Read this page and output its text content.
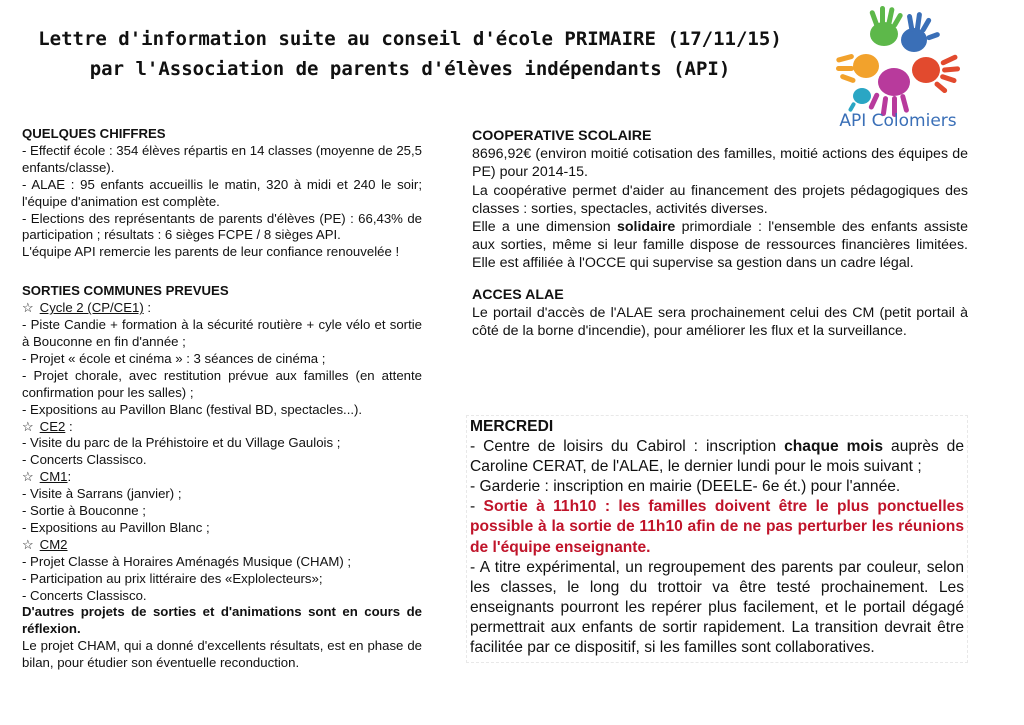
Lettre d'information suite au conseil d'école PRIMAIRE (17/11/15)
par l'Association de parents d'élèves indépendants (API)
API Colomiers

QUELQUES CHIFFRES

- Effectif école : 354 élèves répartis en 14 classes (moyenne de 25,5 enfants/classe).

- ALAE : 95 enfants accueillis le matin, 320 à midi et 240 le soir; l'équipe d'animation est complète.

- Elections des représentants de parents d'élèves (PE) : 66,43% de participation ; résultats : 6 sièges FCPE / 8 sièges API.

L'équipe API remercie les parents de leur confiance renouvelée !

SORTIES COMMUNES PREVUES

☆ Cycle 2 (CP/CE1) :

- Piste Candie + formation à la sécurité routière + cyle vélo et sortie à Bouconne en fin d'année ;

- Projet « école et cinéma » : 3 séances de cinéma ;

- Projet chorale, avec restitution prévue aux familles (en attente confirmation pour les salles) ;

- Expositions au Pavillon Blanc (festival BD, spectacles...).

☆ CE2 :

- Visite du parc de la Préhistoire et du Village Gaulois ;

- Concerts Classisco.

☆ CM1:

- Visite à Sarrans (janvier) ;

- Sortie à Bouconne ;

- Expositions au Pavillon Blanc ;

☆ CM2

- Projet Classe à Horaires Aménagés Musique (CHAM) ;

- Participation au prix littéraire des «Explolecteurs»;

- Concerts Classisco.

D'autres projets de sorties et d'animations sont en cours de réflexion.

Le projet CHAM, qui a donné d'excellents résultats, est en phase de bilan, pour étudier son éventuelle reconduction.

COOPERATIVE SCOLAIRE

8696,92€ (environ moitié cotisation des familles, moitié actions des équipes de PE) pour 2014-15.

La coopérative permet d'aider au financement des projets pédagogiques des classes : sorties, spectacles, activités diverses.

Elle a une dimension solidaire primordiale : l'ensemble des enfants assiste aux sorties, même si leur famille dispose de ressources financières limitées. Elle est affiliée à l'OCCE qui supervise sa gestion dans un cadre légal.

ACCES ALAE

Le portail d'accès de l'ALAE sera prochainement celui des CM (petit portail à côté de la borne d'incendie), pour améliorer les flux et la surveillance.

MERCREDI

- Centre de loisirs du Cabirol : inscription chaque mois auprès de Caroline CERAT, de l'ALAE, le dernier lundi pour le mois suivant ;

- Garderie : inscription en mairie (DEELE- 6e ét.) pour l'année.

- Sortie à 11h10 : les familles doivent être le plus ponctuelles possible à la sortie de 11h10 afin de ne pas perturber les réunions de l'équipe enseignante.

- A titre expérimental, un regroupement des parents par couleur, selon les classes, le long du trottoir va être testé prochainement. Les enseignants pourront les repérer plus facilement, et le portail dégagé permettrait aux enfants de sortir rapidement. La transition devrait être facilitée par ce dispositif, si les familles sont collaboratives.
